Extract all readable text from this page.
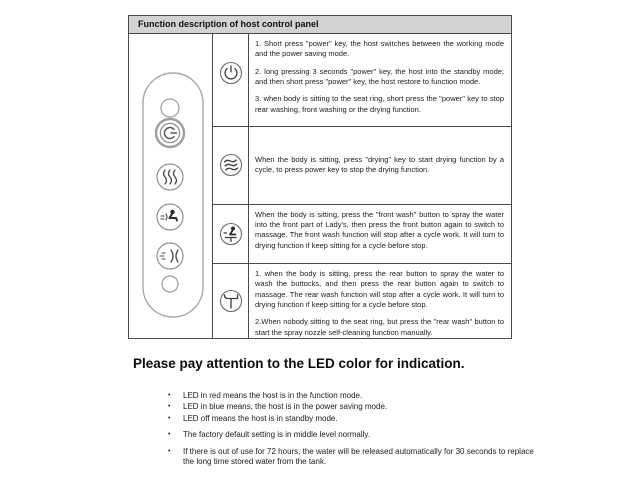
Function description of host control panel

1. Short press "power" key, the host switches between the working mode and the power saving mode.

2. long pressing 3 seconds "power" key, the host into the standby mode; and then short press "power" key, the host restore to function mode.

3. when body is sitting to the seat ring, short press the "power" key to stop rear washing, front washing or the drying function.

When the body is sitting, press "drying" key to start drying function by a cycle, to press power key to stop the drying function.

When the body is sitting, press the "front wash" button to spray the water into the front part of Lady's, then press the front button again to switch to massage. The front wash function will stop after a cycle work. It will turn to drying function if keep sitting for a cycle before stop.

1. when the body is sitting, press the rear button to spray the water to wash the buttocks, and then press the rear button again to switch to massage. The rear wash function will stop after a cycle work. It will turn to drying function if keep sitting for a cycle before stop.

2.When nobody sitting to the seat ring, but press the "rear wash" button to start the spray nozzle self-cleaning function manually.

Please pay attention to the LED color for indication.
•
LED in red means the host is in the function mode.
•
LED in blue means, the host is in the power saving mode.
•
LED off means the host is in standby mode.
•
The factory default setting is in middle level normally.
•
If there is out of use for 72 hours, the water will be released automatically for 30 seconds to replace the long time stored water from the tank.
